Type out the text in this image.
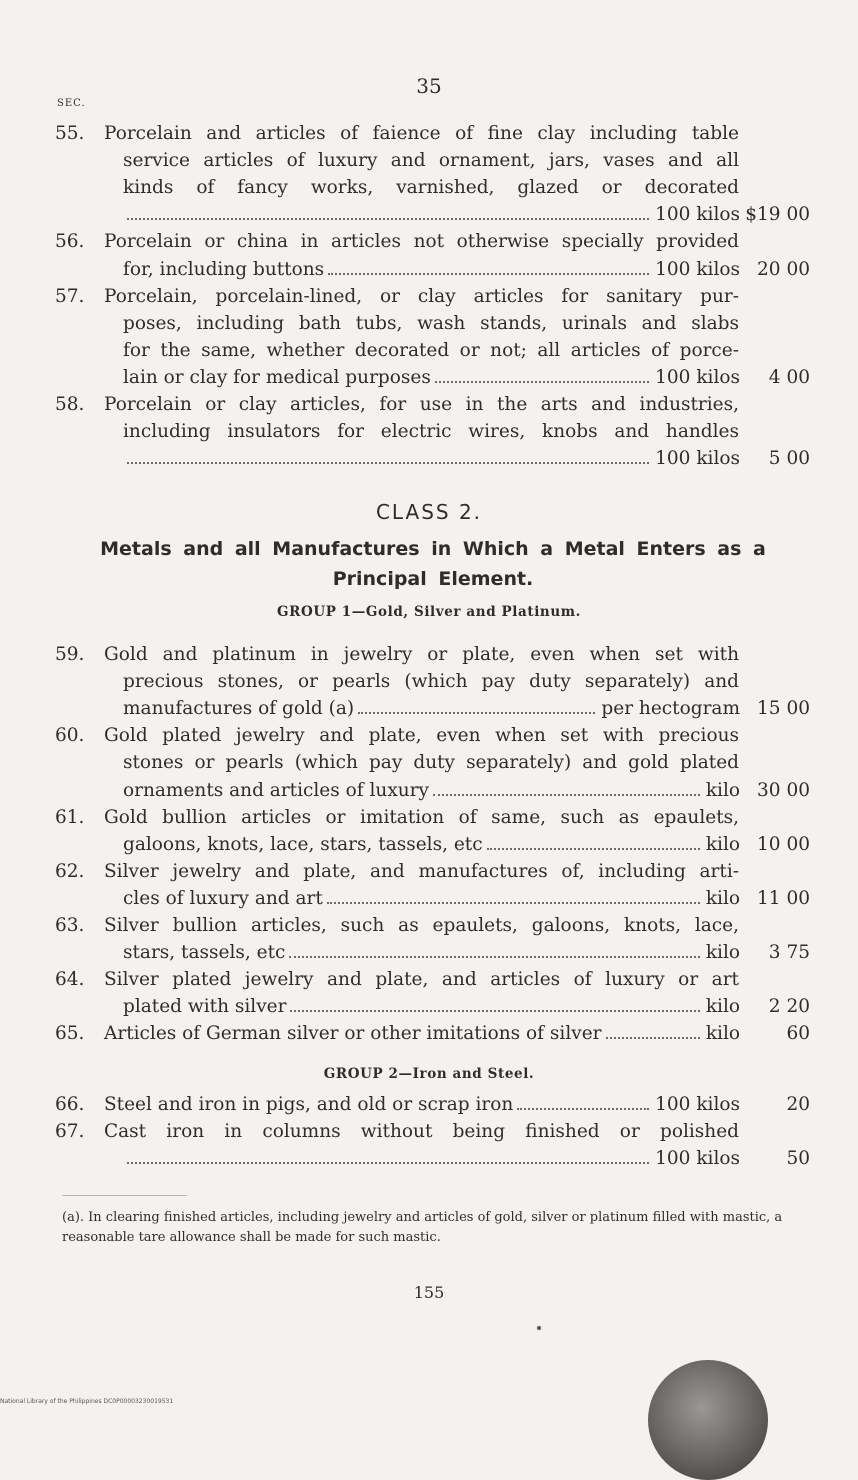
35
SEC.
55. Porcelain and articles of faience of fine clay including table
service articles of luxury and ornament, jars, vases and all
kinds of fancy works, varnished, glazed or decorated
100 kilos $19 00
56. Porcelain or china in articles not otherwise specially provided
for, including buttons	100 kilos 20 00
57. Porcelain, porcelain-lined, or clay articles for sanitary pur-
poses, including bath tubs, wash stands, urinals and slabs
for the same, whether decorated or not; all articles of porce-
lain or clay for medical purposes	100 kilos	4 00
58. Porcelain or clay articles, for use in the arts and industries,
including insulators for electric wires, knobs and handles
100 kilos	5 00
CLASS 2.
Metals and all Manufactures in Which a Metal Enters as a Principal Element.
GROUP 1—Gold, Silver and Platinum.
59. Gold and platinum in jewelry or plate, even when set with
precious stones, or pearls (which pay duty separately) and
manufactures of gold (a)	per hectogram 15 00
60. Gold plated jewelry and plate, even when set with precious
stones or pearls (which pay duty separately) and gold plated
ornaments and articles of luxury	kilo 30 00
61. Gold bullion articles or imitation of same, such as epaulets,
galoons, knots, lace, stars, tassels, etc	kilo 10 00
62. Silver jewelry and plate, and manufactures of, including arti-
cles of luxury and art	kilo 11 00
63. Silver bullion articles, such as epaulets, galoons, knots, lace,
stars, tassels, etc	kilo	3 75
64. Silver plated jewelry and plate, and articles of luxury or art
plated with silver	kilo	2 20
65. Articles of German silver or other imitations of silver	kilo	60
GROUP 2—Iron and Steel.
66. Steel and iron in pigs, and old or scrap iron	100 kilos	20
67. Cast iron in columns without being finished or polished
100 kilos	50
(a). In clearing finished articles, including jewelry and articles of gold, silver or platinum filled with mastic, a reasonable tare allowance shall be made for such mastic.
155
National Library of the Philippines DC0P00003230019531
